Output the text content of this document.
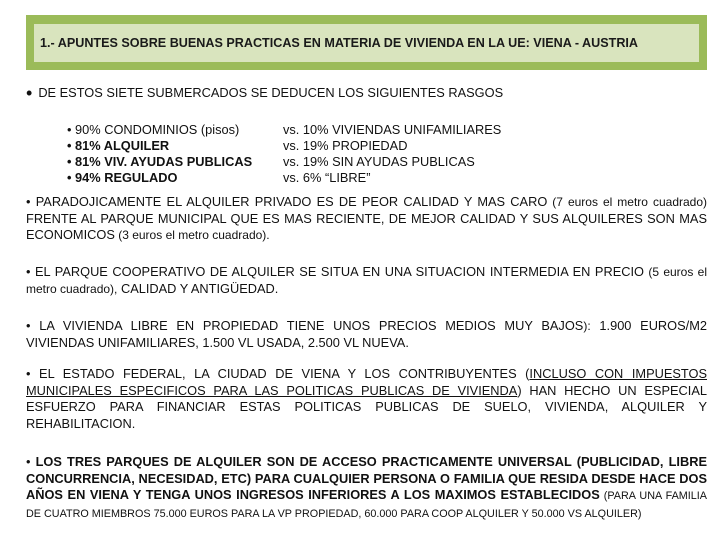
1.- APUNTES SOBRE BUENAS PRACTICAS EN MATERIA DE VIVIENDA EN LA UE: VIENA - AUSTRIA
• DE ESTOS SIETE SUBMERCADOS SE DEDUCEN LOS SIGUIENTES RASGOS
• 90% CONDOMINIOS (pisos)	vs. 10% VIVIENDAS UNIFAMILIARES
• 81% ALQUILER	vs. 19% PROPIEDAD
• 81% VIV. AYUDAS PUBLICAS	vs. 19% SIN AYUDAS PUBLICAS
• 94% REGULADO	vs. 6% “LIBRE”
• PARADOJICAMENTE EL ALQUILER PRIVADO ES DE PEOR CALIDAD Y MAS CARO (7 euros el metro cuadrado) FRENTE AL PARQUE MUNICIPAL QUE ES MAS RECIENTE, DE MEJOR CALIDAD Y SUS ALQUILERES SON MAS ECONOMICOS (3 euros el metro cuadrado).
• EL PARQUE COOPERATIVO DE ALQUILER SE SITUA EN UNA SITUACION INTERMEDIA EN PRECIO (5 euros el metro cuadrado), CALIDAD Y ANTIGÜEDAD.
• LA VIVIENDA LIBRE EN PROPIEDAD TIENE UNOS PRECIOS MEDIOS MUY BAJOS): 1.900 EUROS/M2 VIVIENDAS UNIFAMILIARES, 1.500 VL USADA, 2.500 VL NUEVA.
• EL ESTADO FEDERAL, LA CIUDAD DE VIENA Y LOS CONTRIBUYENTES (INCLUSO CON IMPUESTOS MUNICIPALES ESPECIFICOS PARA LAS POLITICAS PUBLICAS DE VIVIENDA) HAN HECHO UN ESPECIAL ESFUERZO PARA FINANCIAR ESTAS POLITICAS PUBLICAS DE SUELO, VIVIENDA, ALQUILER Y REHABILITACION.
• LOS TRES PARQUES DE ALQUILER SON DE ACCESO PRACTICAMENTE UNIVERSAL (PUBLICIDAD, LIBRE CONCURRENCIA, NECESIDAD, ETC) PARA CUALQUIER PERSONA O FAMILIA QUE RESIDA DESDE HACE DOS AÑOS EN VIENA Y TENGA UNOS INGRESOS INFERIORES A LOS MAXIMOS ESTABLECIDOS (PARA UNA FAMILIA DE CUATRO MIEMBROS 75.000 EUROS PARA LA VP PROPIEDAD, 60.000 PARA COOP ALQUILER Y 50.000 VS ALQUILER)
